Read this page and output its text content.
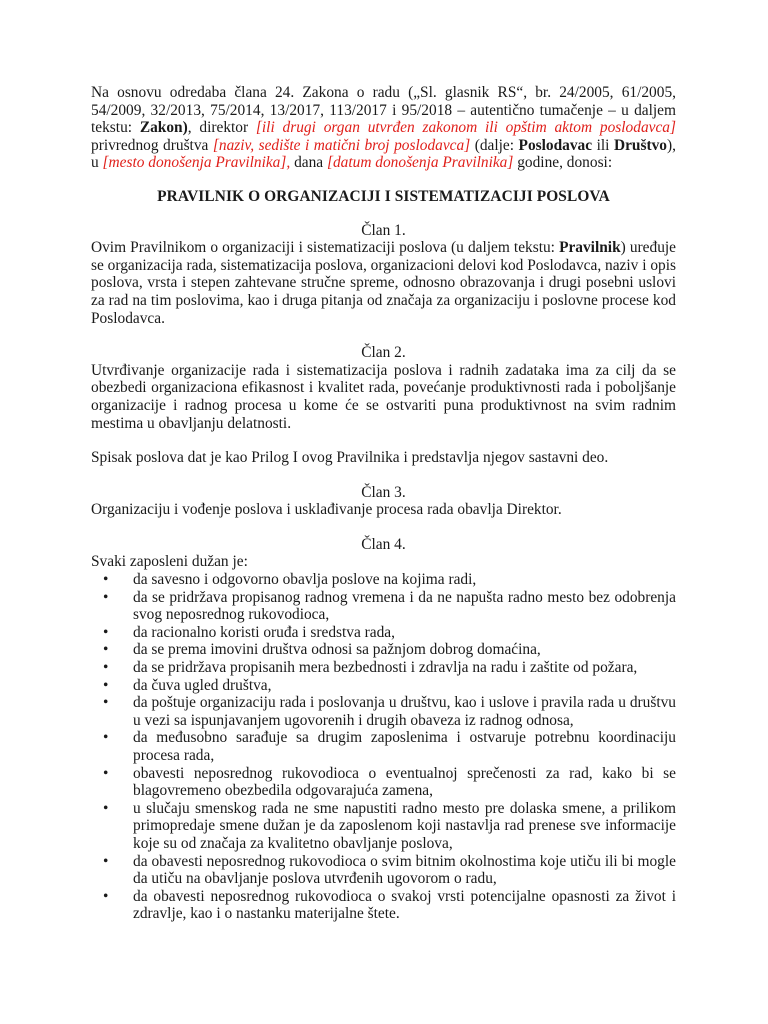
Na osnovu odredaba člana 24. Zakona o radu („Sl. glasnik RS“, br. 24/2005, 61/2005, 54/2009, 32/2013, 75/2014, 13/2017, 113/2017 i 95/2018 – autentično tumačenje – u daljem tekstu: Zakon), direktor [ili drugi organ utvrđen zakonom ili opštim aktom poslodavca] privrednog društva [naziv, sedište i matični broj poslodavca] (dalje: Poslodavac ili Društvo), u [mesto donošenja Pravilnika], dana [datum donošenja Pravilnika] godine, donosi:

PRAVILNIK O ORGANIZACIJI I SISTEMATIZACIJI POSLOVA

Član 1.

Ovim Pravilnikom o organizaciji i sistematizaciji poslova (u daljem tekstu: Pravilnik) uređuje se organizacija rada, sistematizacija poslova, organizacioni delovi kod Poslodavca, naziv i opis poslova, vrsta i stepen zahtevane stručne spreme, odnosno obrazovanja i drugi posebni uslovi za rad na tim poslovima, kao i druga pitanja od značaja za organizaciju i poslovne procese kod Poslodavca.

Član 2.

Utvrđivanje organizacije rada i sistematizacija poslova i radnih zadataka ima za cilj da se obezbedi organizaciona efikasnost i kvalitet rada, povećanje produktivnosti rada i poboljšanje organizacije i radnog procesa u kome će se ostvariti puna produktivnost na svim radnim mestima u obavljanju delatnosti.

Spisak poslova dat je kao Prilog I ovog Pravilnika i predstavlja njegov sastavni deo.

Član 3.

Organizaciju i vođenje poslova i usklađivanje procesa rada obavlja Direktor.

Član 4.

Svaki zaposleni dužan je:

• da savesno i odgovorno obavlja poslove na kojima radi,
• da se pridržava propisanog radnog vremena i da ne napušta radno mesto bez odobrenja svog neposrednog rukovodioca,
• da racionalno koristi oruđa i sredstva rada,
• da se prema imovini društva odnosi sa pažnjom dobrog domaćina,
• da se pridržava propisanih mera bezbednosti i zdravlja na radu i zaštite od požara,
• da čuva ugled društva,
• da poštuje organizaciju rada i poslovanja u društvu, kao i uslove i pravila rada u društvu u vezi sa ispunjavanjem ugovorenih i drugih obaveza iz radnog odnosa,
• da međusobno sarađuje sa drugim zaposlenima i ostvaruje potrebnu koordinaciju procesa rada,
• obavesti neposrednog rukovodioca o eventualnoj sprečenosti za rad, kako bi se blagovremeno obezbedila odgovarajuća zamena,
• u slučaju smenskog rada ne sme napustiti radno mesto pre dolaska smene, a prilikom primopredaje smene dužan je da zaposlenom koji nastavlja rad prenese sve informacije koje su od značaja za kvalitetno obavljanje poslova,
• da obavesti neposrednog rukovodioca o svim bitnim okolnostima koje utiču ili bi mogle da utiču na obavljanje poslova utvrđenih ugovorom o radu,
• da obavesti neposrednog rukovodioca o svakoj vrsti potencijalne opasnosti za život i zdravlje, kao i o nastanku materijalne štete.
